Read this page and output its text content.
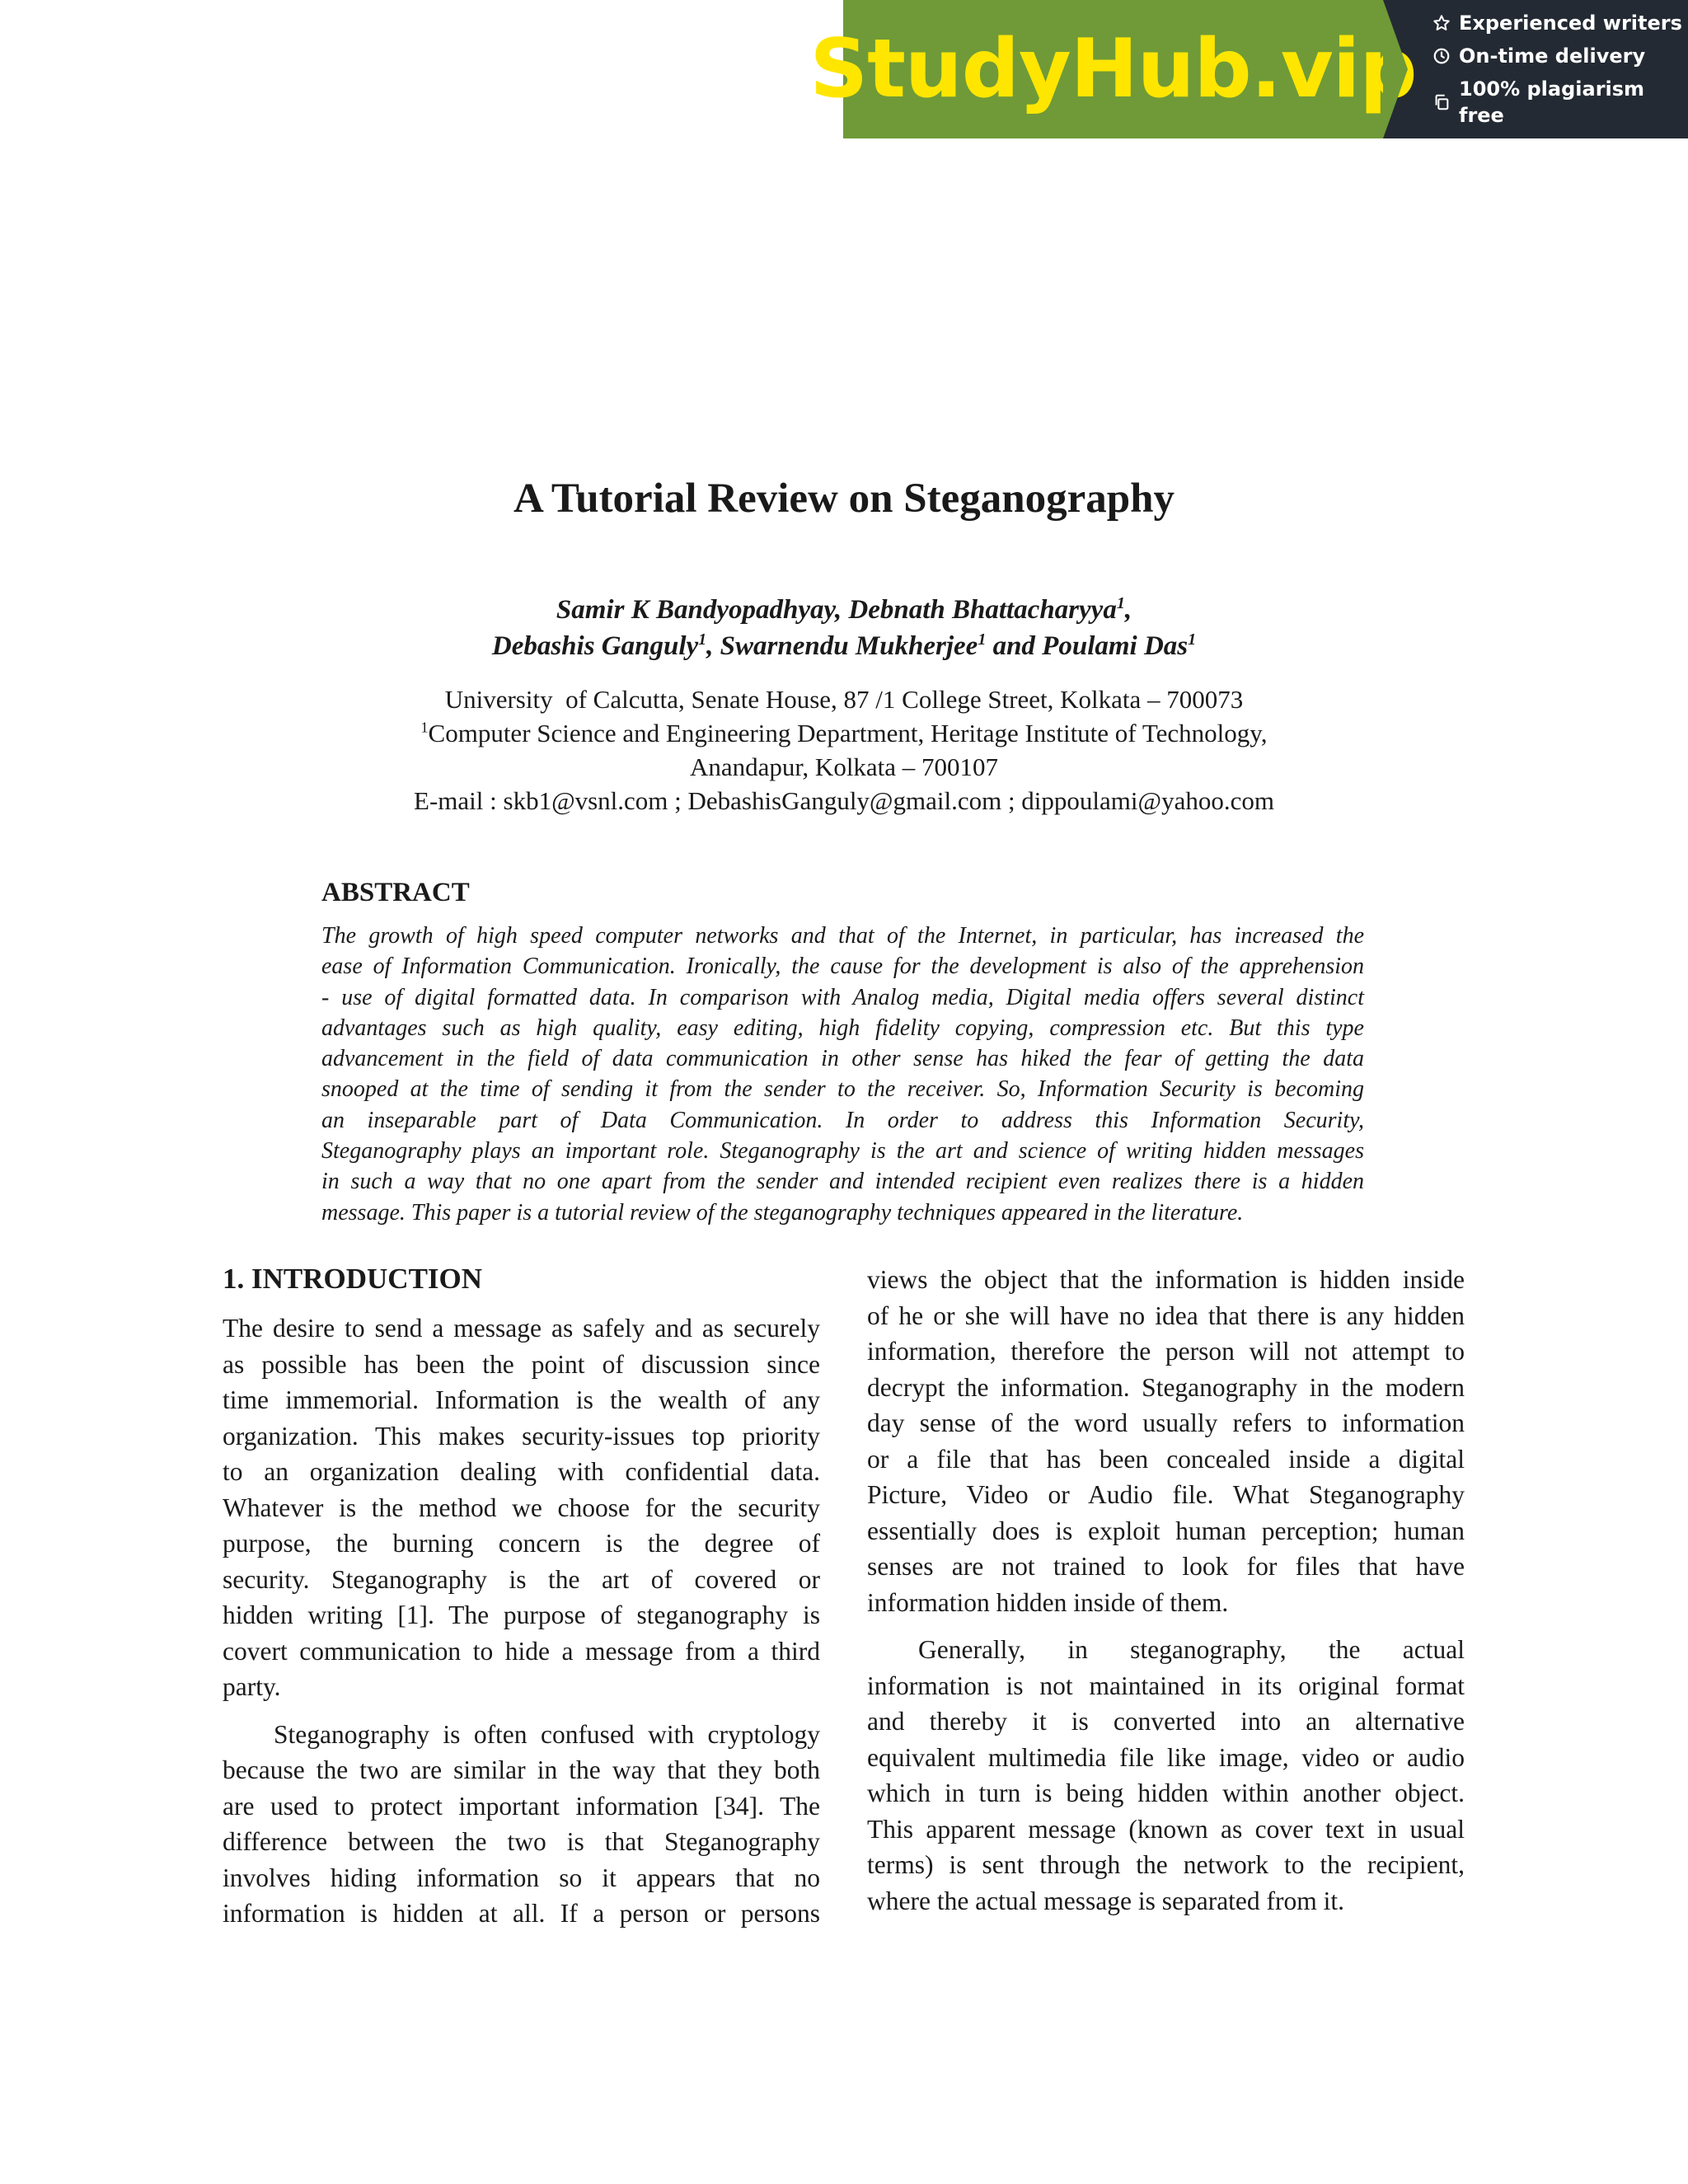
StudyHub.vip Experienced writers
On-time delivery
100% plagiarism free
A Tutorial Review on Steganography
Samir K Bandyopadhyay, Debnath Bhattacharyya$^1$,
Debashis Ganguly$^1$, Swarnendu Mukherjee$^1$ and Poulami Das$^1$
University  of Calcutta, Senate House, 87 /1 College Street, Kolkata – 700073
$^1$Computer Science and Engineering Department, Heritage Institute of Technology,
Anandapur, Kolkata – 700107
E-mail : skb1@vsnl.com ; DebashisGanguly@gmail.com ; dippoulami@yahoo.com
ABSTRACT
The growth of high speed computer networks and that of the Internet, in particular, has increased the
ease of Information Communication. Ironically, the cause for the development is also of the apprehension
- use of digital formatted data. In comparison with Analog media, Digital media offers several distinct
advantages such as high quality, easy editing, high fidelity copying, compression etc. But this type
advancement in the field of data communication in other sense has hiked the fear of getting the data
snooped at the time of sending it from the sender to the receiver. So, Information Security is becoming
an inseparable part of Data Communication. In order to address this Information Security,
Steganography plays an important role. Steganography is the art and science of writing hidden messages
in such a way that no one apart from the sender and intended recipient even realizes there is a hidden
message. This paper is a tutorial review of the steganography techniques appeared in the literature.
1. INTRODUCTION
The desire to send a message as safely and as securely
as possible has been the point of discussion since
time immemorial. Information is the wealth of any
organization. This makes security-issues top priority
to an organization dealing with confidential data.
Whatever is the method we choose for the security
purpose, the burning concern is the degree of
security. Steganography is the art of covered or
hidden writing [1]. The purpose of steganography is
covert communication to hide a message from a third
party.
Steganography is often confused with cryptology
because the two are similar in the way that they both
are used to protect important information [34]. The
difference between the two is that Steganography
involves hiding information so it appears that no
information is hidden at all. If a person or persons
views the object that the information is hidden inside
of he or she will have no idea that there is any hidden
information, therefore the person will not attempt to
decrypt the information. Steganography in the modern
day sense of the word usually refers to information
or a file that has been concealed inside a digital
Picture, Video or Audio file. What Steganography
essentially does is exploit human perception; human
senses are not trained to look for files that have
information hidden inside of them.
Generally, in steganography, the actual
information is not maintained in its original format
and thereby it is converted into an alternative
equivalent multimedia file like image, video or audio
which in turn is being hidden within another object.
This apparent message (known as cover text in usual
terms) is sent through the network to the recipient,
where the actual message is separated from it.
